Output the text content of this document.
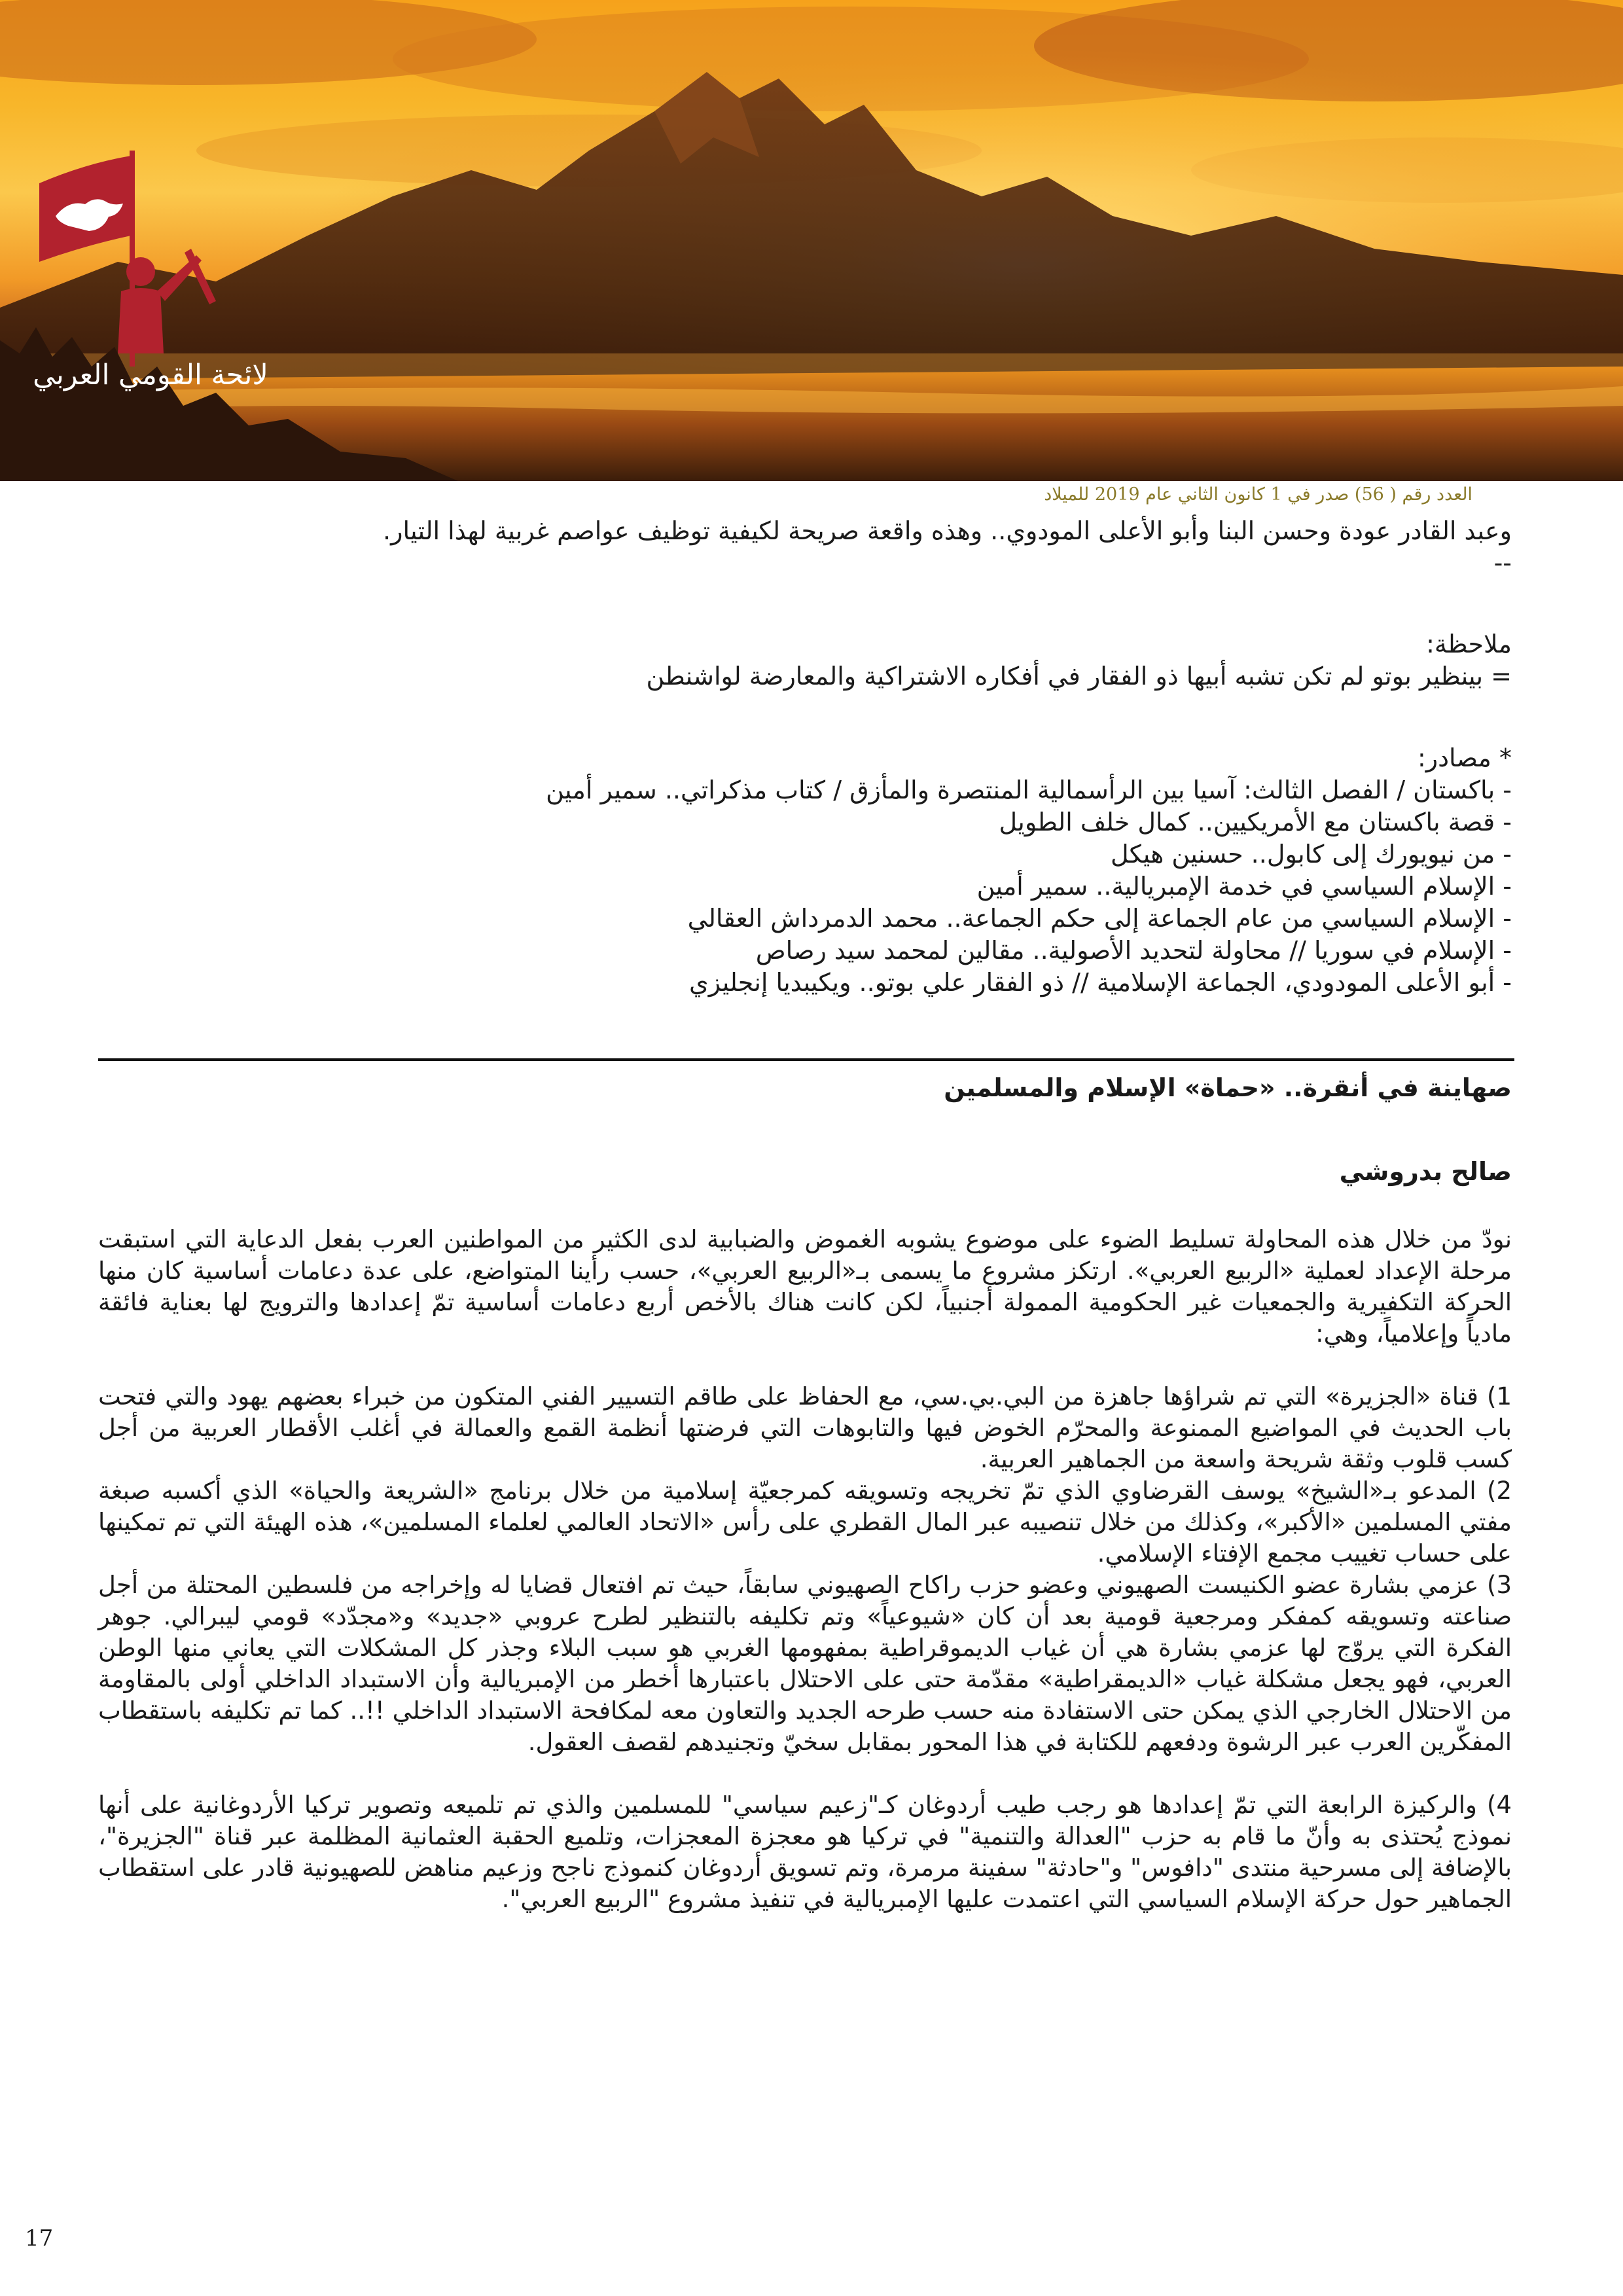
لائحة القومي العربي
العدد رقم ( 56) صدر في 1 كانون الثاني عام 2019 للميلاد
وعبد القادر عودة وحسن البنا وأبو الأعلى المودوي.. وهذه واقعة صريحة لكيفية توظيف عواصم غربية لهذا التيار.
--
ملاحظة:
= بينظير بوتو لم تكن تشبه أبيها ذو الفقار في أفكاره الاشتراكية والمعارضة لواشنطن
* مصادر:
- باكستان / الفصل الثالث: آسيا بين الرأسمالية المنتصرة والمأزق / كتاب مذكراتي.. سمير أمين
- قصة باكستان مع الأمريكيين.. كمال خلف الطويل
- من نيويورك إلى كابول.. حسنين هيكل
- الإسلام السياسي في خدمة الإمبريالية.. سمير أمين
- الإسلام السياسي من عام الجماعة إلى حكم الجماعة.. محمد الدمرداش العقالي
- الإسلام في سوريا // محاولة لتحديد الأصولية.. مقالين لمحمد سيد رصاص
- أبو الأعلى المودودي، الجماعة الإسلامية // ذو الفقار علي بوتو.. ويكيبديا إنجليزي
صهاينة في أنقرة.. «حماة» الإسلام والمسلمين
صالح بدروشي

نودّ من خلال هذه المحاولة تسليط الضوء على موضوع يشوبه الغموض والضبابية لدى الكثير من المواطنين العرب بفعل الدعاية التي استبقت مرحلة الإعداد لعملية «الربيع العربي». ارتكز مشروع ما يسمى بـ«الربيع العربي»، حسب رأينا المتواضع، على عدة دعامات أساسية كان منها الحركة التكفيرية والجمعيات غير الحكومية الممولة أجنبياً، لكن كانت هناك بالأخص أربع دعامات أساسية تمّ إعدادها والترويج لها بعناية فائقة مادياً وإعلامياً، وهي:

1) قناة «الجزيرة» التي تم شراؤها جاهزة من البي.بي.سي، مع الحفاظ على طاقم التسيير الفني المتكون من خبراء بعضهم يهود والتي فتحت باب الحديث في المواضيع الممنوعة والمحرّم الخوض فيها والتابوهات التي فرضتها أنظمة القمع والعمالة في أغلب الأقطار العربية من أجل كسب قلوب وثقة شريحة واسعة من الجماهير العربية.

2) المدعو بـ«الشيخ» يوسف القرضاوي الذي تمّ تخريجه وتسويقه كمرجعيّة إسلامية من خلال برنامج «الشريعة والحياة» الذي أكسبه صبغة مفتي المسلمين «الأكبر»، وكذلك من خلال تنصيبه عبر المال القطري على رأس «الاتحاد العالمي لعلماء المسلمين»، هذه الهيئة التي تم تمكينها على حساب تغييب مجمع الإفتاء الإسلامي.

3) عزمي بشارة عضو الكنيست الصهيوني وعضو حزب راكاح الصهيوني سابقاً، حيث تم افتعال قضايا له وإخراجه من فلسطين المحتلة من أجل صناعته وتسويقه كمفكر ومرجعية قومية بعد أن كان «شيوعياً» وتم تكليفه بالتنظير لطرح عروبي «جديد» و«مجدّد» قومي ليبرالي. جوهر الفكرة التي يروّج لها عزمي بشارة هي أن غياب الديموقراطية بمفهومها الغربي هو سبب البلاء وجذر كل المشكلات التي يعاني منها الوطن العربي، فهو يجعل مشكلة غياب «الديمقراطية» مقدّمة حتى على الاحتلال باعتبارها أخطر من الإمبريالية وأن الاستبداد الداخلي أولى بالمقاومة من الاحتلال الخارجي الذي يمكن حتى الاستفادة منه حسب طرحه الجديد والتعاون معه لمكافحة الاستبداد الداخلي !!.. كما تم تكليفه باستقطاب المفكّرين العرب عبر الرشوة ودفعهم للكتابة في هذا المحور بمقابل سخيّ وتجنيدهم لقصف العقول.

4) والركيزة الرابعة التي تمّ إعدادها هو رجب طيب أردوغان كـ"زعيم سياسي" للمسلمين والذي تم تلميعه وتصوير تركيا الأردوغانية على أنها نموذج يُحتذى به وأنّ ما قام به حزب "العدالة والتنمية" في تركيا هو معجزة المعجزات، وتلميع الحقبة العثمانية المظلمة عبر قناة "الجزيرة"، بالإضافة إلى مسرحية منتدى "دافوس" و"حادثة" سفينة مرمرة، وتم تسويق أردوغان كنموذج ناجح وزعيم مناهض للصهيونية قادر على استقطاب الجماهير حول حركة الإسلام السياسي التي اعتمدت عليها الإمبريالية في تنفيذ مشروع "الربيع العربي".

17
